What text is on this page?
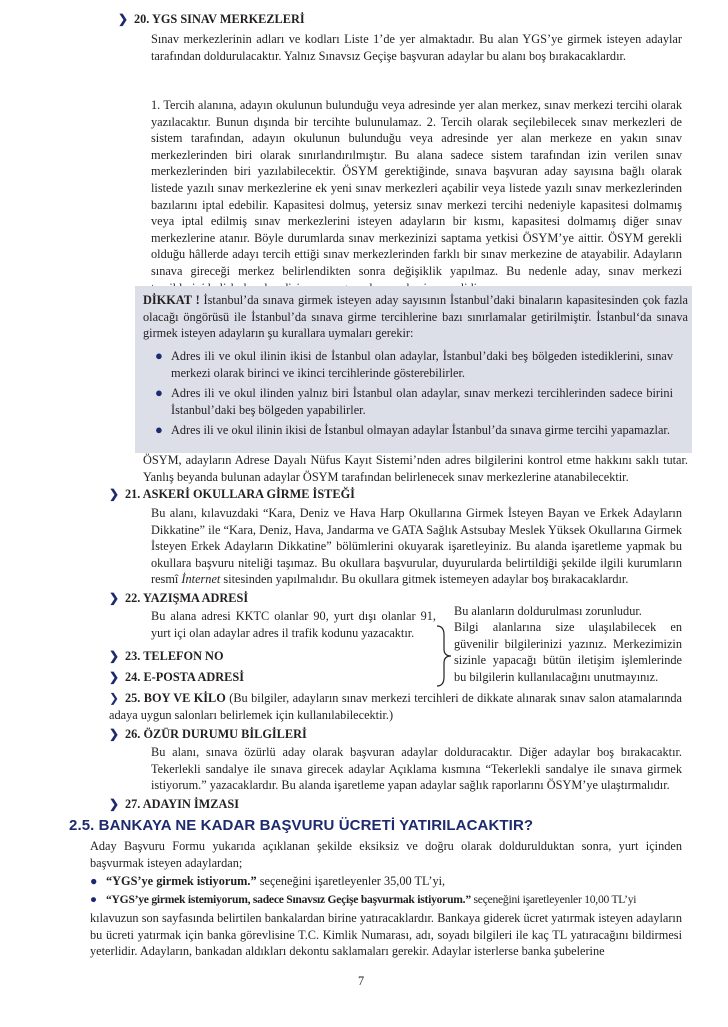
❯ 20. YGS SINAV MERKEZLERİ
Sınav merkezlerinin adları ve kodları Liste 1’de yer almaktadır. Bu alan YGS’ye girmek isteyen adaylar tarafından doldurulacaktır. Yalnız Sınavsız Geçişe başvuran adaylar bu alanı boş bırakacaklardır.
1. Tercih alanına, adayın okulunun bulunduğu veya adresinde yer alan merkez, sınav merkezi tercihi olarak yazılacaktır. Bunun dışında bir tercihte bulunulamaz. 2. Tercih olarak seçilebilecek sınav merkezleri de sistem tarafından, adayın okulunun bulunduğu veya adresinde yer alan merkeze en yakın sınav merkezlerinden biri olarak sınırlandırılmıştır. Bu alana sadece sistem tarafından izin verilen sınav merkezlerinden biri yazılabilecektir. ÖSYM gerektiğinde, sınava başvuran aday sayısına bağlı olarak listede yazılı sınav merkezlerine ek yeni sınav merkezleri açabilir veya listede yazılı sınav merkezlerinden bazılarını iptal edebilir. Kapasitesi dolmuş, yetersiz sınav merkezi tercihi nedeniyle kapasitesi dolmamış veya iptal edilmiş sınav merkezlerini isteyen adayların bir kısmı, kapasitesi dolmamış diğer sınav merkezlerine atanır. Böyle durumlarda sınav merkezinizi saptama yetkisi ÖSYM’ye aittir. ÖSYM gerekli olduğu hâllerde adayı tercih ettiği sınav merkezlerinden farklı bir sınav merkezine de atayabilir. Adayların sınava gireceği merkez belirlendikten sonra değişiklik yapılmaz. Bu nedenle aday, sınav merkezi
DİKKAT ! İstanbul’da sınava girmek isteyen aday sayısının İstanbul’daki binaların kapasitesinden çok fazla olacağı öngörüsü ile İstanbul’da sınava girme tercihlerine bazı sınırlamalar getirilmiştir. İstanbul‘da sınava girmek isteyen adayların şu kurallara uymaları gerekir:
● Adres ili ve okul ilinin ikisi de İstanbul olan adaylar, İstanbul’daki beş bölgeden istediklerini, sınav merkezi olarak birinci ve ikinci tercihlerinde gösterebilirler.
● Adres ili ve okul ilinden yalnız biri İstanbul olan adaylar, sınav merkezi tercihlerinden sadece birini İstanbul’daki beş bölgeden yapabilirler.
● Adres ili ve okul ilinin ikisi de İstanbul olmayan adaylar İstanbul’da sınava girme tercihi yapamazlar.
ÖSYM, adayların Adrese Dayalı Nüfus Kayıt Sistemi’nden adres bilgilerini kontrol etme hakkını saklı tutar. Yanlış beyanda bulunan adaylar ÖSYM tarafından belirlenecek sınav merkezlerine atanabilecektir.
❯ 21. ASKERİ OKULLARA GİRME İSTEĞİ
Bu alanı, kılavuzdaki “Kara, Deniz ve Hava Harp Okullarına Girmek İsteyen Bayan ve Erkek Adayların Dikkatine” ile “Kara, Deniz, Hava, Jandarma ve GATA Sağlık Astsubay Meslek Yüksek Okullarına Girmek İsteyen Erkek Adayların Dikkatine” bölümlerini okuyarak işaretleyiniz. Bu alanda işaretleme yapmak bu okullara başvuru niteliği taşımaz. Bu okullara başvurular, duyurularda belirtildiği şekilde ilgili kurumların resmî İnternet sitesinden yapılmalıdır. Bu okullara gitmek istemeyen adaylar boş bırakacaklardır.
❯ 22. YAZIŞMA ADRESİ
Bu alana adresi KKTC olanlar 90, yurt dışı olanlar 91, yurt içi olan adaylar adres il trafik kodunu yazacaktır.
❯ 23. TELEFON NO
❯ 24. E-POSTA ADRESİ
Bu alanların doldurulması zorunludur.
Bilgi alanlarına size ulaşılabilecek en güvenilir bilgilerinizi yazınız. Merkezimizin sizinle yapacağı bütün iletişim işlemlerinde bu bilgilerin kullanılacağını unutmayınız.
❯ 25. BOY VE KİLO (Bu bilgiler, adayların sınav merkezi tercihleri de dikkate alınarak sınav salon atamalarında adaya uygun salonları belirlemek için kullanılabilecektir.)
❯ 26. ÖZÜR DURUMU BİLGİLERİ
Bu alanı, sınava özürlü aday olarak başvuran adaylar dolduracaktır. Diğer adaylar boş bırakacaktır. Tekerlekli sandalye ile sınava girecek adaylar Açıklama kısmına “Tekerlekli sandalye ile sınava girmek istiyorum.” yazacaklardır. Bu alanda işaretleme yapan adaylar sağlık raporlarını ÖSYM’ye ulaştırmalıdır.
❯ 27. ADAYIN İMZASI
2.5. BANKAYA NE KADAR BAŞVURU ÜCRETİ YATIRILACAKTIR?
Aday Başvuru Formu yukarıda açıklanan şekilde eksiksiz ve doğru olarak doldurulduktan sonra, yurt içinden başvurmak isteyen adaylardan;
● “YGS’ye girmek istiyorum.” seçeneğini işaretleyenler 35,00 TL’yi,
● “YGS’ye girmek istemiyorum, sadece Sınavsız Geçişe başvurmak istiyorum.” seçeneğini işaretleyenler 10,00 TL’yi
kılavuzun son sayfasında belirtilen bankalardan birine yatıracaklardır. Bankaya giderek ücret yatırmak isteyen adayların bu ücreti yatırmak için banka görevlisine T.C. Kimlik Numarası, adı, soyadı bilgileri ile kaç TL yatıracağını bildirmesi yeterlidir. Adayların, bankadan aldıkları dekontu saklamaları gerekir. Adaylar isterlerse banka şubelerine
7
